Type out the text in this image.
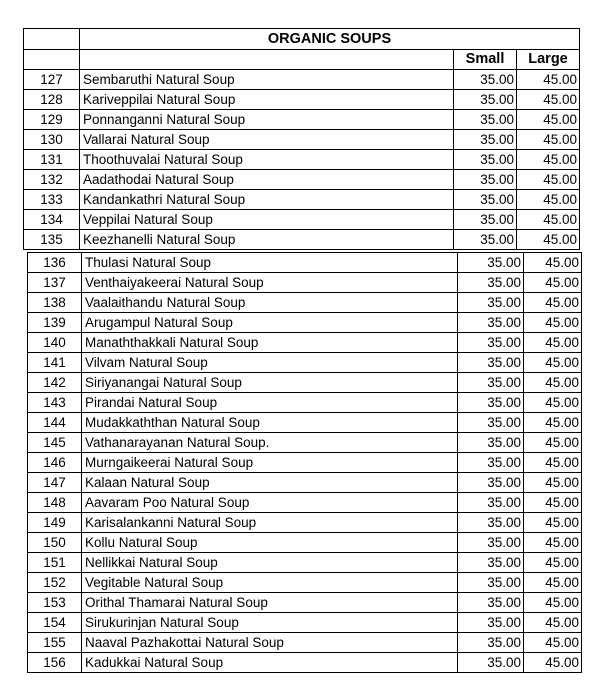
	ORGANIC SOUPS		
		Small	Large
127	Sembaruthi Natural Soup	35.00	45.00
128	Kariveppilai Natural Soup	35.00	45.00
129	Ponnanganni Natural Soup	35.00	45.00
130	Vallarai Natural Soup	35.00	45.00
131	Thoothuvalai Natural Soup	35.00	45.00
132	Aadathodai Natural Soup	35.00	45.00
133	Kandankathri Natural Soup	35.00	45.00
134	Veppilai Natural Soup	35.00	45.00
135	Keezhanelli Natural Soup	35.00	45.00
136	Thulasi Natural Soup	35.00	45.00
137	Venthaiyakeerai Natural Soup	35.00	45.00
138	Vaalaithandu Natural Soup	35.00	45.00
139	Arugampul Natural Soup	35.00	45.00
140	Manaththakkali Natural Soup	35.00	45.00
141	Vilvam Natural Soup	35.00	45.00
142	Siriyanangai Natural Soup	35.00	45.00
143	Pirandai Natural Soup	35.00	45.00
144	Mudakkaththan Natural Soup	35.00	45.00
145	Vathanarayanan Natural Soup.	35.00	45.00
146	Murngaikeerai Natural Soup	35.00	45.00
147	Kalaan Natural Soup	35.00	45.00
148	Aavaram Poo Natural Soup	35.00	45.00
149	Karisalankanni Natural Soup	35.00	45.00
150	Kollu Natural Soup	35.00	45.00
151	Nellikkai Natural Soup	35.00	45.00
152	Vegitable Natural Soup	35.00	45.00
153	Orithal Thamarai Natural Soup	35.00	45.00
154	Sirukurinjan Natural Soup	35.00	45.00
155	Naaval Pazhakottai Natural Soup	35.00	45.00
156	Kadukkai Natural Soup	35.00	45.00
